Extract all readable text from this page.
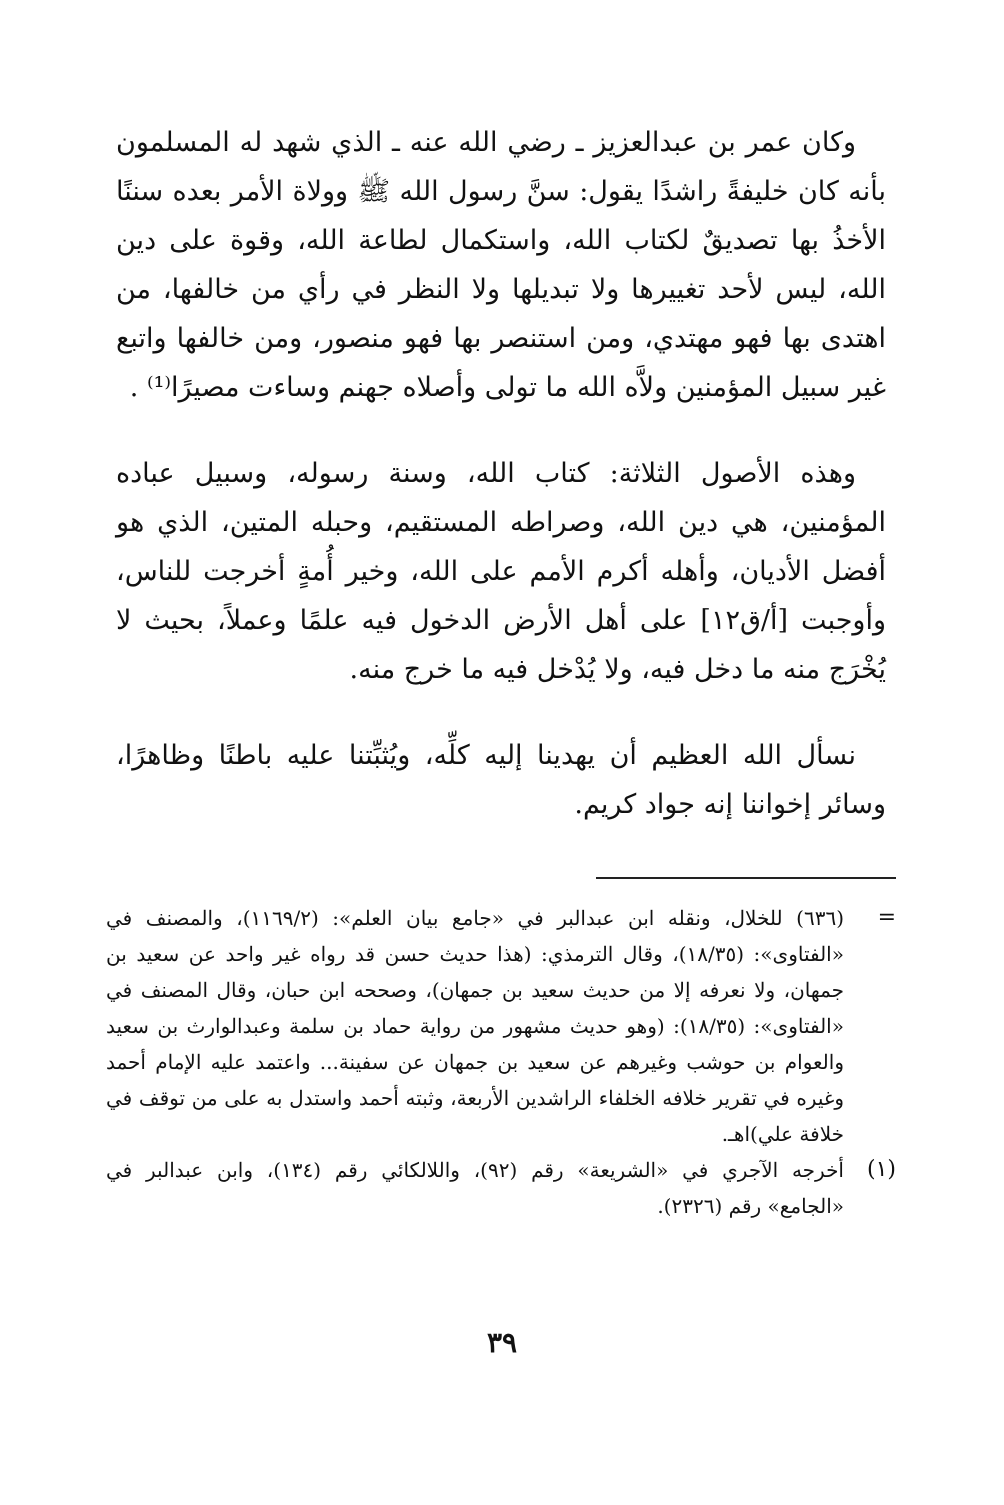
وكان عمر بن عبدالعزيز ـ رضي الله عنه ـ الذي شهد له المسلمون بأنه كان خليفةً راشدًا يقول: سنَّ رسول الله ﷺ وولاة الأمر بعده سننًا الأخذُ بها تصديقٌ لكتاب الله، واستكمال لطاعة الله، وقوة على دين الله، ليس لأحد تغييرها ولا تبديلها ولا النظر في رأي من خالفها، من اهتدى بها فهو مهتدي، ومن استنصر بها فهو منصور، ومن خالفها واتبع غير سبيل المؤمنين ولاَّه الله ما تولى وأصلاه جهنم وساءت مصيرًا⁽¹⁾ .

وهذه الأصول الثلاثة: كتاب الله، وسنة رسوله، وسبيل عباده المؤمنين، هي دين الله، وصراطه المستقيم، وحبله المتين، الذي هو أفضل الأديان، وأهله أكرم الأمم على الله، وخير أُمةٍ أخرجت للناس، وأوجبت [أ/ق١٢] على أهل الأرض الدخول فيه علمًا وعملاً، بحيث لا يُخْرَج منه ما دخل فيه، ولا يُدْخل فيه ما خرج منه.

نسأل الله العظيم أن يهدينا إليه كلِّه، ويُثبِّتنا عليه باطنًا وظاهرًا، وسائر إخواننا إنه جواد كريم.

=
(٦٣٦) للخلال، ونقله ابن عبدالبر في «جامع بيان العلم»: (١١٦٩/٢)، والمصنف في «الفتاوى»: (١٨/٣٥)، وقال الترمذي: (هذا حديث حسن قد رواه غير واحد عن سعيد بن جمهان، ولا نعرفه إلا من حديث سعيد بن جمهان)، وصححه ابن حبان، وقال المصنف في «الفتاوى»: (١٨/٣٥): (وهو حديث مشهور من رواية حماد بن سلمة وعبدالوارث بن سعيد والعوام بن حوشب وغيرهم عن سعيد بن جمهان عن سفينة... واعتمد عليه الإمام أحمد وغيره في تقرير خلافه الخلفاء الراشدين الأربعة، وثبته أحمد واستدل به على من توقف في خلافة علي)اهـ.
(١)
أخرجه الآجري في «الشريعة» رقم (٩٢)، واللالكائي رقم (١٣٤)، وابن عبدالبر في «الجامع» رقم (٢٣٢٦).
٣٩
